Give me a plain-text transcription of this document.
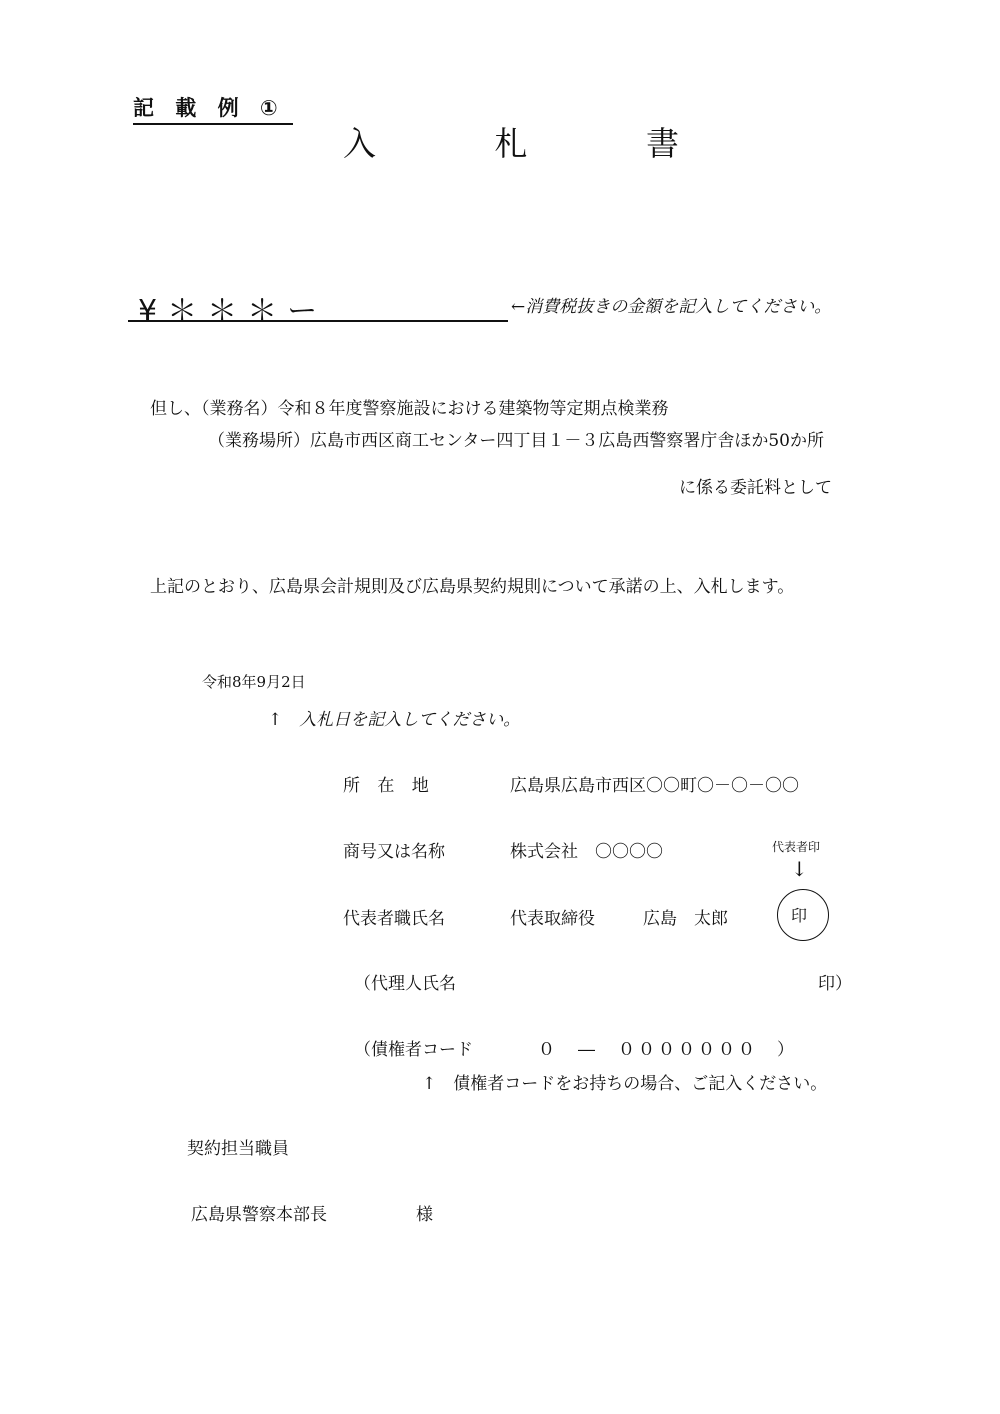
記 載 例 ①
入 札 書
¥＊＊＊ー	←消費税抜きの金額を記入してください。
但し、（業務名）令和８年度警察施設における建築物等定期点検業務
（業務場所）広島市西区商工センター四丁目１－３広島西警察署庁舎ほか50か所
に係る委託料として
上記のとおり、広島県会計規則及び広島県契約規則について承諾の上、入札します。
令和8年9月2日
↑　入札日を記入してください。
所 在 地	広島県広島市西区〇〇町〇－〇－〇〇
商号又は名称	株式会社　〇〇〇〇	代表者印
↓
印
代表者職氏名	代表取締役	広島　太郎
（代理人氏名	印）
（債権者コード	０　―　０００００００ ）
↑　債権者コードをお持ちの場合、ご記入ください。
契約担当職員
広島県警察本部長	様
